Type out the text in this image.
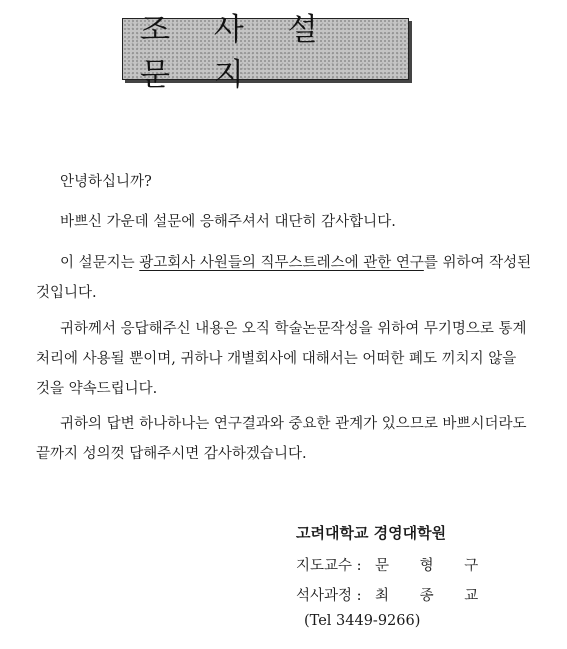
조 사 설 문 지

안녕하십니까?

바쁘신 가운데 설문에 응해주셔서 대단히 감사합니다.

이 설문지는 광고회사 사원들의 직무스트레스에 관한 연구를 위하여 작성된
것입니다.

귀하께서 응답해주신 내용은 오직 학술논문작성을 위하여 무기명으로 통계
처리에 사용될 뿐이며, 귀하나 개별회사에 대해서는 어떠한 폐도 끼치지 않을
것을 약속드립니다.

귀하의 답변 하나하나는 연구결과와 중요한 관계가 있으므로 바쁘시더라도
끝까지 성의껏 답해주시면 감사하겠습니다.

고려대학교 경영대학원
지도교수 : 문 형 구
석사과정 : 최 종 교
(Tel 3449-9266)
